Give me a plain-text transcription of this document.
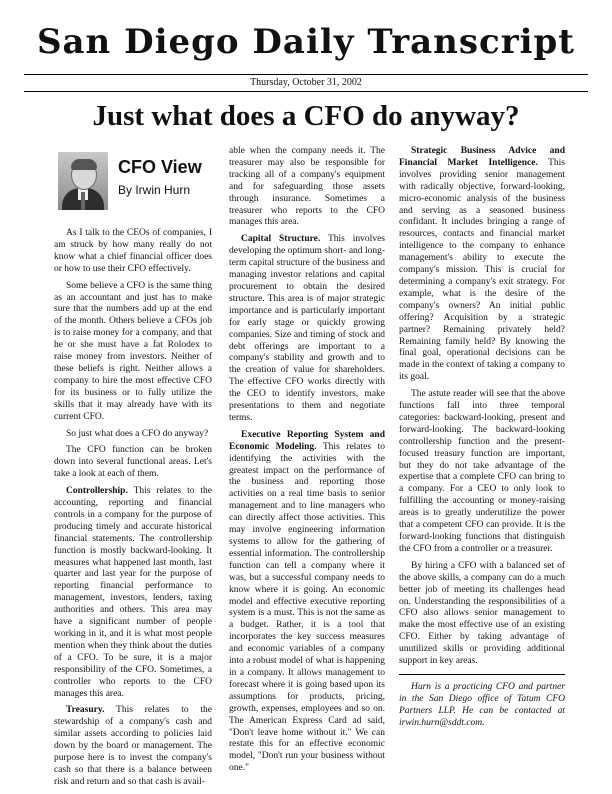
San Diego Daily Transcript
Thursday, October 31, 2002
Just what does a CFO do anyway?
CFO View
By Irwin Hurn

As I talk to the CEOs of companies, I am struck by how many really do not know what a chief financial officer does or how to use their CFO effectively.

Some believe a CFO is the same thing as an accountant and just has to make sure that the numbers add up at the end of the month. Others believe a CFOs job is to raise money for a company, and that he or she must have a fat Rolodex to raise money from investors. Neither of these beliefs is right. Neither allows a company to hire the most effective CFO for its business or to fully utilize the skills that it may already have with its current CFO.

So just what does a CFO do anyway?

The CFO function can be broken down into several functional areas. Let's take a look at each of them.

Controllership. This relates to the accounting, reporting and financial controls in a company for the purpose of producing timely and accurate historical financial statements. The controllership function is mostly backward-looking. It measures what happened last month, last quarter and last year for the purpose of reporting financial performance to management, investors, lenders, taxing authorities and others. This area may have a significant number of people working in it, and it is what most people mention when they think about the duties of a CFO. To be sure, it is a major responsibility of the CFO. Sometimes, a controller who reports to the CFO manages this area.

Treasury. This relates to the stewardship of a company's cash and similar assets according to policies laid down by the board or management. The purpose here is to invest the company's cash so that there is a balance between risk and return and so that cash is avail-

able when the company needs it. The treasurer may also be responsible for tracking all of a company's equipment and for safeguarding those assets through insurance. Sometimes a treasurer who reports to the CFO manages this area.

Capital Structure. This involves developing the optimum short- and long-term capital structure of the business and managing investor relations and capital procurement to obtain the desired structure. This area is of major strategic importance and is particularly important for early stage or quickly growing companies. Size and timing of stock and debt offerings are important to a company's stability and growth and to the creation of value for shareholders. The effective CFO works directly with the CEO to identify investors, make presentations to them and negotiate terms.

Executive Reporting System and Economic Modeling. This relates to identifying the activities with the greatest impact on the performance of the business and reporting those activities on a real time basis to senior management and to line managers who can directly affect those activities. This may involve engineering information systems to allow for the gathering of essential information. The controllership function can tell a company where it was, but a successful company needs to know where it is going. An economic model and effective executive reporting system is a must. This is not the same as a budget. Rather, it is a tool that incorporates the key success measures and economic variables of a company into a robust model of what is happening in a company. It allows management to forecast where it is going based upon its assumptions for products, pricing, growth, expenses, employees and so on. The American Express Card ad said, "Don't leave home without it." We can restate this for an effective economic model, "Don't run your business without one."

Strategic Business Advice and Financial Market Intelligence. This involves providing senior management with radically objective, forward-looking, micro-economic analysis of the business and serving as a seasoned business confidant. It includes bringing a range of resources, contacts and financial market intelligence to the company to enhance management's ability to execute the company's mission. This is crucial for determining a company's exit strategy. For example, what is the desire of the company's owners? An initial public offering? Acquisition by a strategic partner? Remaining privately held? Remaining family held? By knowing the final goal, operational decisions can be made in the context of taking a company to its goal.

The astute reader will see that the above functions fall into three temporal categories: backward-looking, present and forward-looking. The backward-looking controllership function and the present-focused treasury function are important, but they do not take advantage of the expertise that a complete CFO can bring to a company. For a CEO to only look to fulfilling the accounting or money-raising areas is to greatly underutilize the power that a competent CFO can provide. It is the forward-looking functions that distinguish the CFO from a controller or a treasurer.

By hiring a CFO with a balanced set of the above skills, a company can do a much better job of meeting its challenges head on. Understanding the responsibilities of a CFO also allows senior management to make the most effective use of an existing CFO. Either by taking advantage of unutilized skills or providing additional support in key areas.

Hurn is a practicing CFO and partner in the San Diego office of Tatum CFO Partners LLP. He can be contacted at irwin.hurn@sddt.com.
